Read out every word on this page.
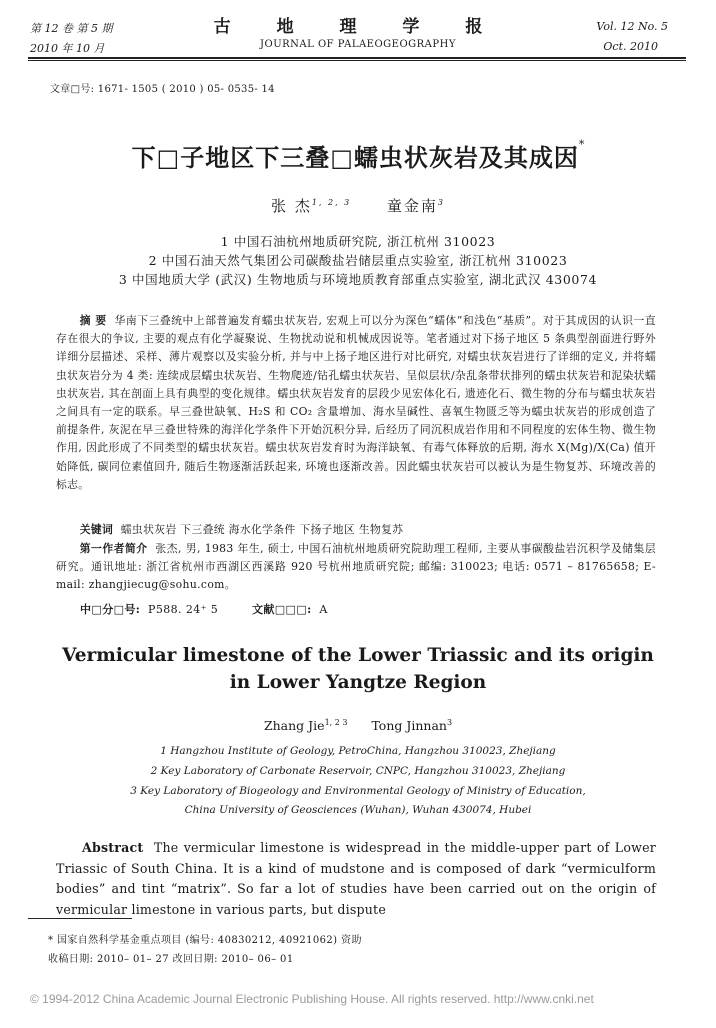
第 12 卷 第 5 期
2010 年 10 月
古 地 理 学 报
JOURNAL OF PALAEOGEOGRAPHY
Vol. 12 No. 5
Oct. 2010
文章□号: 1671- 1505 ( 2010 ) 05- 0535- 14
下□子地区下三叠□蠕虫状灰岩及其成因*
张 杰$^{1, 2, 3}$ 童金南$^3$
1 中国石油杭州地质研究院, 浙江杭州 310023
2 中国石油天然气集团公司碳酸盐岩储层重点实验室, 浙江杭州 310023
3 中国地质大学 (武汉) 生物地质与环境地质教育部重点实验室, 湖北武汉 430074
摘 要 华南下三叠统中上部普遍发育蠕虫状灰岩, 宏观上可以分为深色“蠕体”和浅色“基质”。对于其成因的认识一直存在很大的争议, 主要的观点有化学凝聚说、生物扰动说和机械成因说等。笔者通过对下扬子地区 5 条典型剖面进行野外详细分层描述、采样、薄片观察以及实验分析, 并与中上扬子地区进行对比研究, 对蠕虫状灰岩进行了详细的定义, 并将蠕虫状灰岩分为 4 类: 连续成层蠕虫状灰岩、生物爬迹/钻孔蠕虫状灰岩、呈似层状/杂乱条带状排列的蠕虫状灰岩和泥染状蠕虫状灰岩, 其在剖面上具有典型的变化规律。蠕虫状灰岩发育的层段少见宏体化石, 遗迹化石、微生物的分布与蠕虫状灰岩之间具有一定的联系。早三叠世缺氧、H₂S 和 CO₂ 含量增加、海水呈碱性、喜氧生物匮乏等为蠕虫状灰岩的形成创造了前提条件, 灰泥在早三叠世特殊的海洋化学条件下开始沉积分异, 后经历了同沉积成岩作用和不同程度的宏体生物、微生物作用, 因此形成了不同类型的蠕虫状灰岩。蠕虫状灰岩发育时为海洋缺氧、有毒气体释放的后期, 海水 X(Mg)/X(Ca) 值开始降低, 碳同位素值回升, 随后生物逐渐活跃起来, 环境也逐渐改善。因此蠕虫状灰岩可以被认为是生物复苏、环境改善的标志。
关键词 蠕虫状灰岩 下三叠统 海水化学条件 下扬子地区 生物复苏
第一作者简介 张杰, 男, 1983 年生, 硕士, 中国石油杭州地质研究院助理工程师, 主要从事碳酸盐岩沉积学及储集层研究。通讯地址: 浙江省杭州市西湖区西溪路 920 号杭州地质研究院; 邮编: 310023; 电话: 0571 – 81765658; E-mail: zhangjiecug@sohu.com。
中□分□号: P588. 24⁺ 5	文献□□□: A
Vermicular limestone of the Lower Triassic and its origin
in Lower Yangtze Region
Zhang Jie$^{1, 2 3}$ Tong Jinnan$^3$
1 Hangzhou Institute of Geology, PetroChina, Hangzhou 310023, Zhejiang
2 Key Laboratory of Carbonate Reservoir, CNPC, Hangzhou 310023, Zhejiang
3 Key Laboratory of Biogeology and Environmental Geology of Ministry of Education,
China University of Geosciences (Wuhan), Wuhan 430074, Hubei
Abstract The vermicular limestone is widespread in the middle-upper part of Lower Triassic of South China. It is a kind of mudstone and is composed of dark “vermiculform bodies” and tint “matrix”. So far a lot of studies have been carried out on the origin of vermicular limestone in various parts, but dispute
* 国家自然科学基金重点项目 (编号: 40830212, 40921062) 资助
收稿日期: 2010– 01– 27 改回日期: 2010– 06– 01
© 1994-2012 China Academic Journal Electronic Publishing House. All rights reserved. http://www.cnki.net
